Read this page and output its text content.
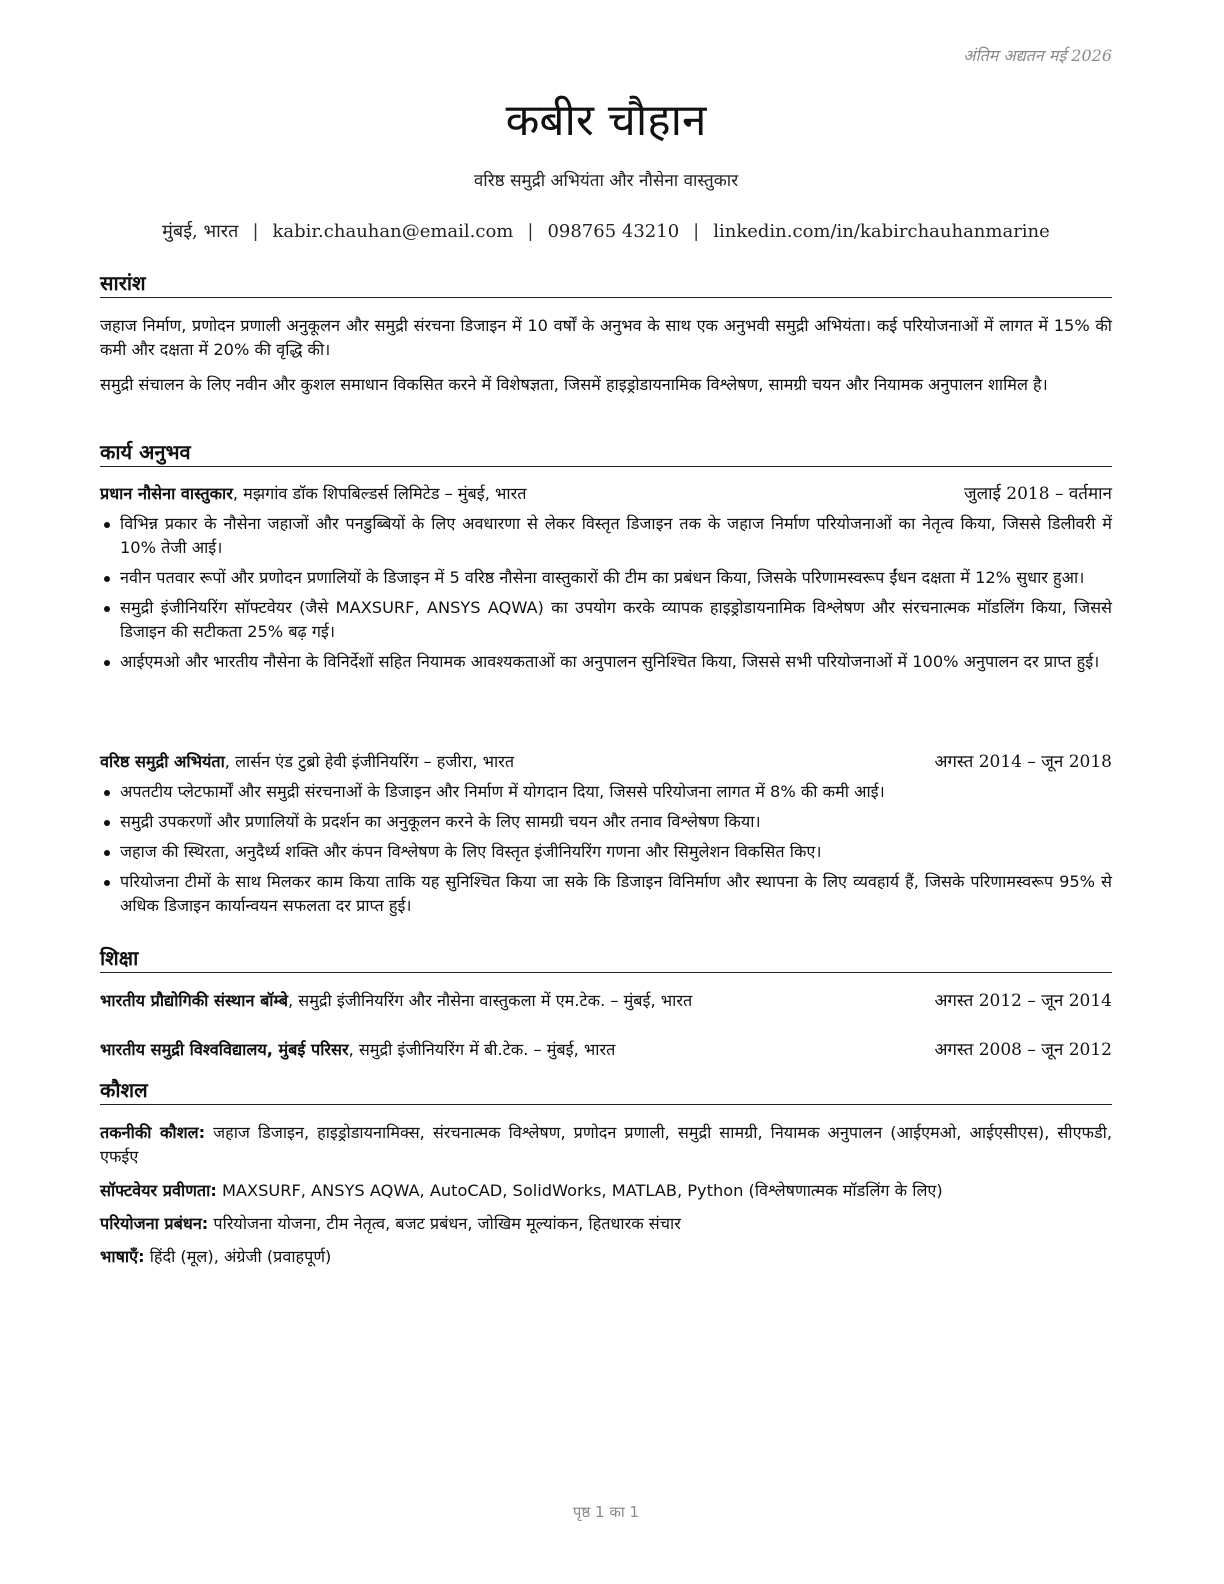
अंतिम अद्यतन मई 2026
कबीर चौहान
वरिष्ठ समुद्री अभियंता और नौसेना वास्तुकार
मुंबई, भारत | kabir.chauhan@email.com | 098765 43210 | linkedin.com/in/kabirchauhanmarine
सारांश
जहाज निर्माण, प्रणोदन प्रणाली अनुकूलन और समुद्री संरचना डिजाइन में 10 वर्षों के अनुभव के साथ एक अनुभवी समुद्री अभियंता। कई परियोजनाओं में लागत में 15% की कमी और दक्षता में 20% की वृद्धि की।
समुद्री संचालन के लिए नवीन और कुशल समाधान विकसित करने में विशेषज्ञता, जिसमें हाइड्रोडायनामिक विश्लेषण, सामग्री चयन और नियामक अनुपालन शामिल है।
कार्य अनुभव
प्रधान नौसेना वास्तुकार, मझगांव डॉक शिपबिल्डर्स लिमिटेड – मुंबई, भारत	जुलाई 2018 – वर्तमान
विभिन्न प्रकार के नौसेना जहाजों और पनडुब्बियों के लिए अवधारणा से लेकर विस्तृत डिजाइन तक के जहाज निर्माण परियोजनाओं का नेतृत्व किया, जिससे डिलीवरी में 10% तेजी आई।
नवीन पतवार रूपों और प्रणोदन प्रणालियों के डिजाइन में 5 वरिष्ठ नौसेना वास्तुकारों की टीम का प्रबंधन किया, जिसके परिणामस्वरूप ईंधन दक्षता में 12% सुधार हुआ।
समुद्री इंजीनियरिंग सॉफ्टवेयर (जैसे MAXSURF, ANSYS AQWA) का उपयोग करके व्यापक हाइड्रोडायनामिक विश्लेषण और संरचनात्मक मॉडलिंग किया, जिससे डिजाइन की सटीकता 25% बढ़ गई।
आईएमओ और भारतीय नौसेना के विनिर्देशों सहित नियामक आवश्यकताओं का अनुपालन सुनिश्चित किया, जिससे सभी परियोजनाओं में 100% अनुपालन दर प्राप्त हुई।
वरिष्ठ समुद्री अभियंता, लार्सन एंड टुब्रो हेवी इंजीनियरिंग – हजीरा, भारत	अगस्त 2014 – जून 2018
अपतटीय प्लेटफार्मों और समुद्री संरचनाओं के डिजाइन और निर्माण में योगदान दिया, जिससे परियोजना लागत में 8% की कमी आई।
समुद्री उपकरणों और प्रणालियों के प्रदर्शन का अनुकूलन करने के लिए सामग्री चयन और तनाव विश्लेषण किया।
जहाज की स्थिरता, अनुदैर्ध्य शक्ति और कंपन विश्लेषण के लिए विस्तृत इंजीनियरिंग गणना और सिमुलेशन विकसित किए।
परियोजना टीमों के साथ मिलकर काम किया ताकि यह सुनिश्चित किया जा सके कि डिजाइन विनिर्माण और स्थापना के लिए व्यवहार्य हैं, जिसके परिणामस्वरूप 95% से अधिक डिजाइन कार्यान्वयन सफलता दर प्राप्त हुई।
शिक्षा
भारतीय प्रौद्योगिकी संस्थान बॉम्बे, समुद्री इंजीनियरिंग और नौसेना वास्तुकला में एम.टेक. – मुंबई, भारत	अगस्त 2012 – जून 2014
भारतीय समुद्री विश्वविद्यालय, मुंबई परिसर, समुद्री इंजीनियरिंग में बी.टेक. – मुंबई, भारत	अगस्त 2008 – जून 2012
कौशल
तकनीकी कौशल: जहाज डिजाइन, हाइड्रोडायनामिक्स, संरचनात्मक विश्लेषण, प्रणोदन प्रणाली, समुद्री सामग्री, नियामक अनुपालन (आईएमओ, आईएसीएस), सीएफडी, एफईए
सॉफ्टवेयर प्रवीणता: MAXSURF, ANSYS AQWA, AutoCAD, SolidWorks, MATLAB, Python (विश्लेषणात्मक मॉडलिंग के लिए)
परियोजना प्रबंधन: परियोजना योजना, टीम नेतृत्व, बजट प्रबंधन, जोखिम मूल्यांकन, हितधारक संचार
भाषाएँ: हिंदी (मूल), अंग्रेजी (प्रवाहपूर्ण)
पृष्ठ 1 का 1
